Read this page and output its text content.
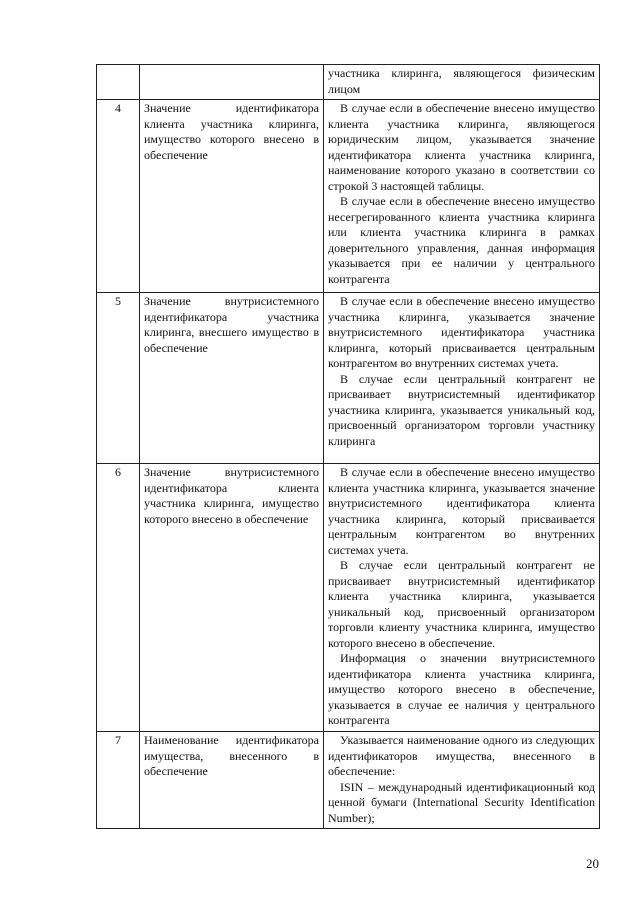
		участника клиринга, являющегося физическим лицом

4	Значение идентификатора клиента участника клиринга, имущество которого внесено в обеспечение	В случае если в обеспечение внесено имущество клиента участника клиринга, являющегося юридическим лицом, указывается значение идентификатора клиента участника клиринга, наименование которого указано в соответствии со строкой 3 настоящей таблицы.

В случае если в обеспечение внесено имущество несегрегированного клиента участника клиринга или клиента участника клиринга в рамках доверительного управления, данная информация указывается при ее наличии у центрального контрагента

5	Значение внутрисистемного идентификатора участника клиринга, внесшего имущество в обеспечение	В случае если в обеспечение внесено имущество участника клиринга, указывается значение внутрисистемного идентификатора участника клиринга, который присваивается центральным контрагентом во внутренних системах учета.

В случае если центральный контрагент не присваивает внутрисистемный идентификатор участника клиринга, указывается уникальный код, присвоенный организатором торговли участнику клиринга

6	Значение внутрисистемного идентификатора клиента участника клиринга, имущество которого внесено в обеспечение	В случае если в обеспечение внесено имущество клиента участника клиринга, указывается значение внутрисистемного идентификатора клиента участника клиринга, который присваивается центральным контрагентом во внутренних системах учета.

В случае если центральный контрагент не присваивает внутрисистемный идентификатор клиента участника клиринга, указывается уникальный код, присвоенный организатором торговли клиенту участника клиринга, имущество которого внесено в обеспечение.

Информация о значении внутрисистемного идентификатора клиента участника клиринга, имущество которого внесено в обеспечение, указывается в случае ее наличия у центрального контрагента

7	Наименование идентификатора имущества, внесенного в обеспечение	Указывается наименование одного из следующих идентификаторов имущества, внесенного в обеспечение:

ISIN – международный идентификационный код ценной бумаги (International Security Identification Number);

20
